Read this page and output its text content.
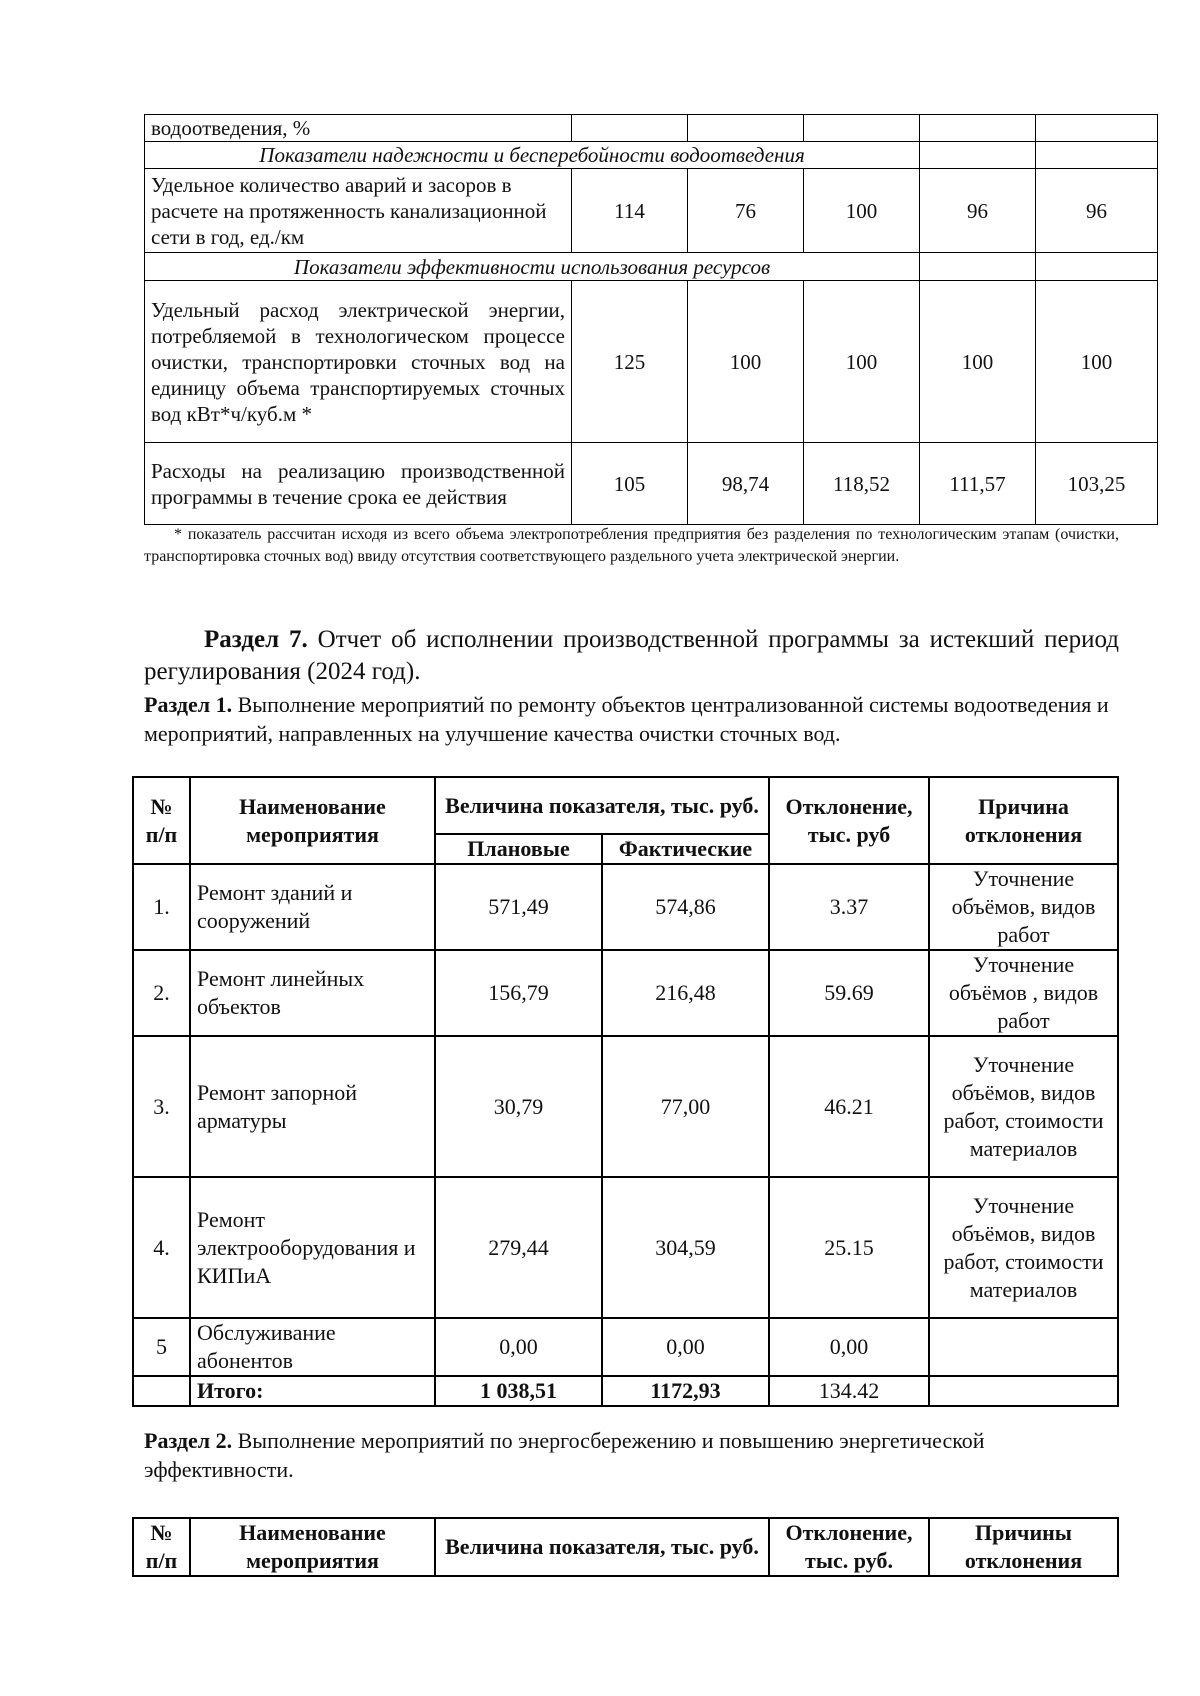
водоотведения, %					
Показатели надежности и бесперебойности водоотведения					
Удельное количество аварий и засоров в расчете на протяженность канализационной сети в год, ед./км	114	76	100	96	96
Показатели эффективности использования ресурсов					
Удельный расход электрической энергии, потребляемой в технологическом процессе очистки, транспортировки сточных вод на единицу объема транспортируемых сточных вод кВт*ч/куб.м *	125	100	100	100	100
Расходы на реализацию производственной программы в течение срока ее действия	105	98,74	118,52	111,57	103,25
* показатель рассчитан исходя из всего объема электропотребления предприятия без разделения по технологическим этапам (очистки, транспортировка сточных вод) ввиду отсутствия соответствующего раздельного учета электрической энергии.
Раздел 7. Отчет об исполнении производственной программы за истекший период регулирования (2024 год).
Раздел 1. Выполнение мероприятий по ремонту объектов централизованной системы водоотведения и мероприятий, направленных на улучшение качества очистки сточных вод.
№ п/п	Наименование мероприятия	Величина показателя, тыс. руб.		Отклонение, тыс. руб	Причина отклонения
		Плановые	Фактические		
1.	Ремонт зданий и сооружений	571,49	574,86	3.37	Уточнение объёмов, видов работ
2.	Ремонт линейных объектов	156,79	216,48	59.69	Уточнение объёмов , видов работ
3.	Ремонт запорной арматуры	30,79	77,00	46.21	Уточнение объёмов, видов работ, стоимости материалов
4.	Ремонт электрооборудования и КИПиА	279,44	304,59	25.15	Уточнение объёмов, видов работ, стоимости материалов
5	Обслуживание абонентов	0,00	0,00	0,00	
	Итого:	1 038,51	1172,93	134.42	
Раздел 2. Выполнение мероприятий по энергосбережению и повышению энергетической эффективности.
№ п/п	Наименование мероприятия	Величина показателя, тыс. руб.	Отклонение, тыс. руб.	Причины отклонения
